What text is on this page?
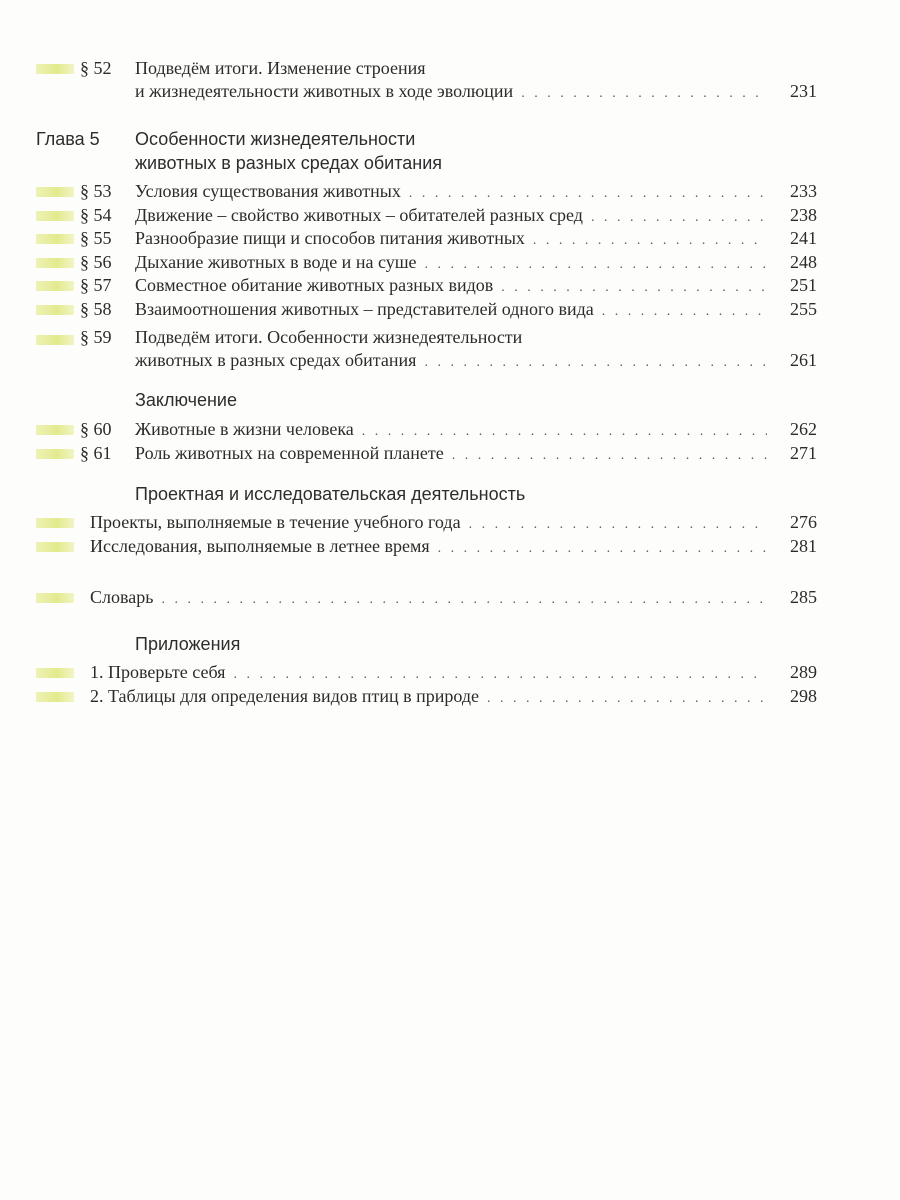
§ 52	Подведём итоги. Изменение строения
и жизнедеятельности животных в ходе эволюции . . .	231
Глава 5 Особенности жизнедеятельности
животных в разных средах обитания
§ 53	Условия существования животных . . .	233
§ 54	Движение – свойство животных – обитателей разных сред . . .	238
§ 55	Разнообразие пищи и способов питания животных . . .	241
§ 56	Дыхание животных в воде и на суше . . .	248
§ 57	Совместное обитание животных разных видов . . .	251
§ 58	Взаимоотношения животных – представителей одного вида . . .	255
§ 59	Подведём итоги. Особенности жизнедеятельности
животных в разных средах обитания . . .	261
Заключение
§ 60	Животные в жизни человека . . .	262
§ 61	Роль животных на современной планете . . .	271
Проектная и исследовательская деятельность
Проекты, выполняемые в течение учебного года . . .	276
Исследования, выполняемые в летнее время . . .	281
Словарь . . .	285
Приложения
1. Проверьте себя . . .	289
2. Таблицы для определения видов птиц в природе . . .	298
